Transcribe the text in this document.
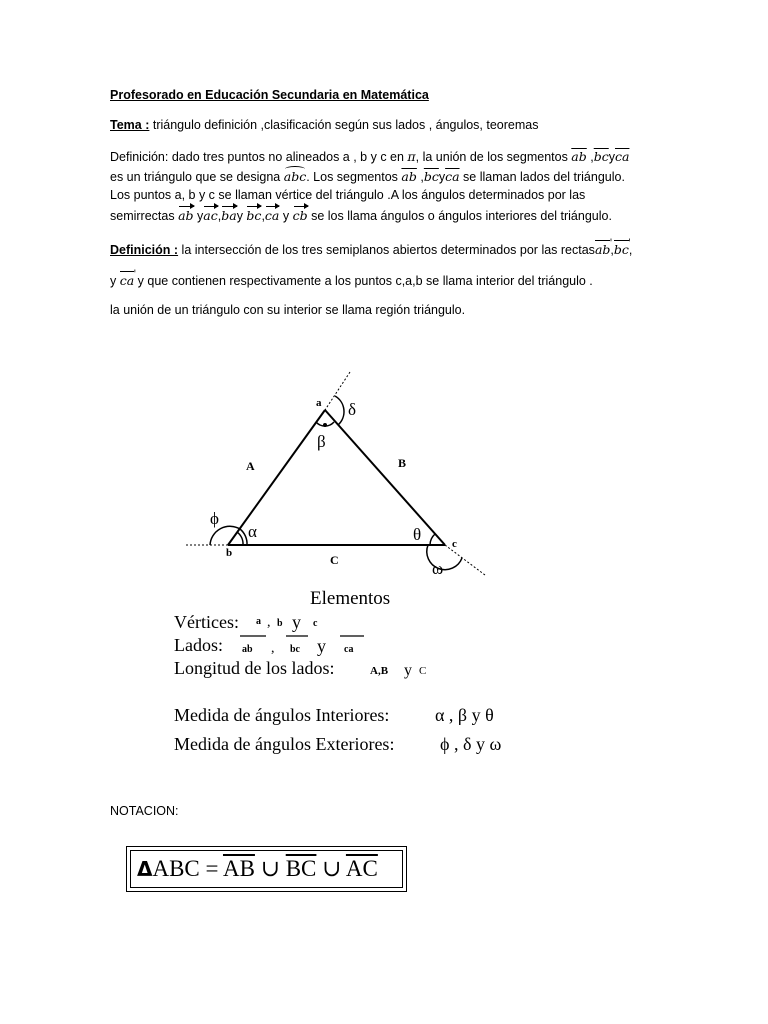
Profesorado en Educación Secundaria en Matemática

Tema : triángulo definición ,clasificación según sus lados , ángulos, teoremas

Definición: dado tres puntos no alineados a , b y c en π, la unión de los segmentos $\overline{ab}$ $,\overline{bc}y\overline{ca}$

es un triángulo que se designa abc. Los segmentos $\overline{ab}$ $,\overline{bc}y\overline{ca}$ se llaman lados del triángulo.

Los puntos a, b y c se llaman vértice del triángulo .A los ángulos determinados por las

semirrectas ab yac,bay bc,ca y cb se los llama ángulos o ángulos interiores del triángulo.

Definición : la intersección de los tres semiplanos abiertos determinados por las rectasab ',bc ',

y ca ' y que contienen respectivamente a los puntos c,a,b se llama interior del triángulo .

la unión de un triángulo con su interior se llama región triángulo.

a
b
c
A	B
C
α
β
θ
ϕ
δ
ω
Elementos
Vértices: a , b y c
Lados: ab , bc y ca
Longitud de los lados:	A,B y C
Medida de ángulos Interiores:	α , β y θ
Medida de ángulos Exteriores:	ϕ , δ y ω

NOTACION:

$\Delta ABC = \overline{AB}$ ∪ $\overline{BC}$ ∪ $\overline{AC}$
